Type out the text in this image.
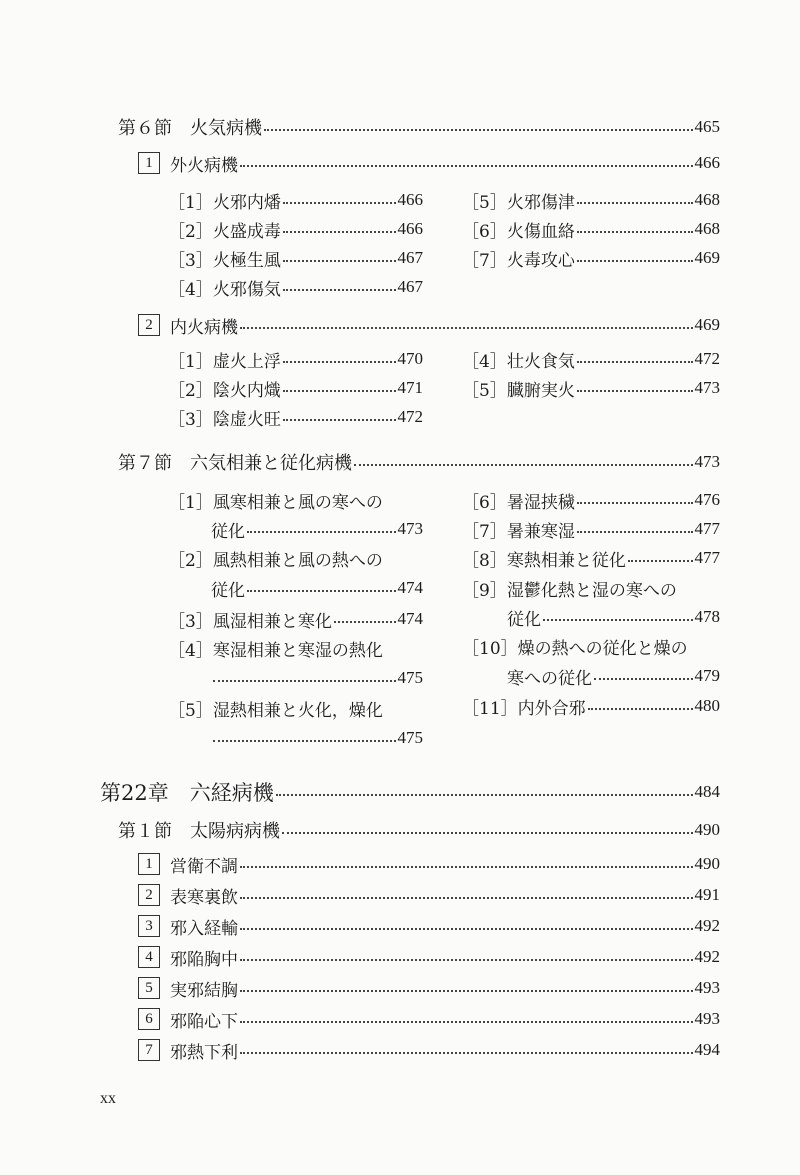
第６節　火気病機	465
1	外火病機	466
［1］火邪内燔	466
［2］火盛成毒	466
［3］火極生風	467
［4］火邪傷気	467
［5］火邪傷津	468
［6］火傷血絡	468
［7］火毒攻心	469
2	内火病機	469
［1］虚火上浮	470
［2］陰火内熾	471
［3］陰虚火旺	472
［4］壮火食気	472
［5］臓腑実火	473
第７節　六気相兼と従化病機	473
［1］風寒相兼と風の寒への
従化	473
［2］風熱相兼と風の熱への
従化	474
［3］風湿相兼と寒化	474
［4］寒湿相兼と寒湿の熱化
475
［5］湿熱相兼と火化，燥化
475
［6］暑湿挟穢	476
［7］暑兼寒湿	477
［8］寒熱相兼と従化	477
［9］湿鬱化熱と湿の寒への
従化	478
［10］燥の熱への従化と燥の
寒への従化	479
［11］内外合邪	480
第22章　六経病機	484
第１節　太陽病病機	490
1	営衛不調	490
2	表寒裏飲	491
3	邪入経輸	492
4	邪陥胸中	492
5	実邪結胸	493
6	邪陥心下	493
7	邪熱下利	494
xx
